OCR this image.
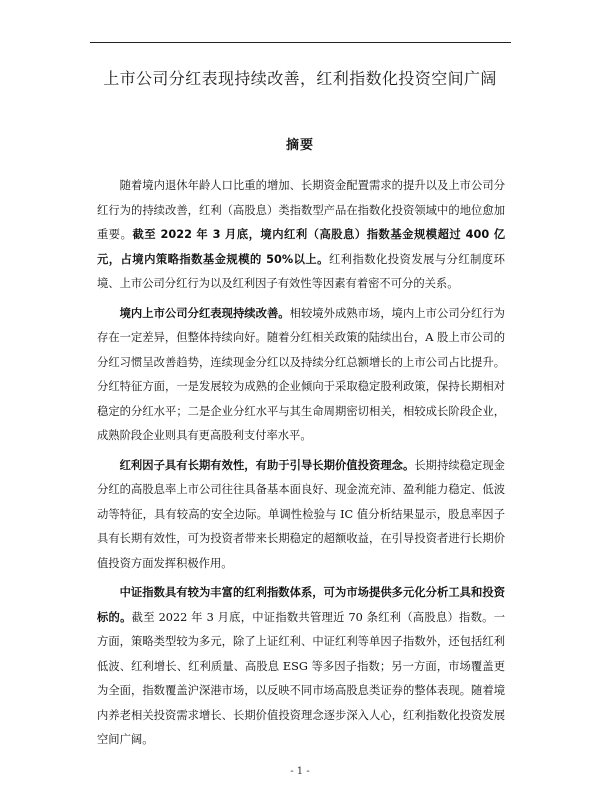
上市公司分红表现持续改善，红利指数化投资空间广阔
摘要

随着境内退休年龄人口比重的增加、长期资金配置需求的提升以及上市公司分红行为的持续改善，红利（高股息）类指数型产品在指数化投资领域中的地位愈加重要。截至 2022 年 3 月底，境内红利（高股息）指数基金规模超过 400 亿元，占境内策略指数基金规模的 50%以上。红利指数化投资发展与分红制度环境、上市公司分红行为以及红利因子有效性等因素有着密不可分的关系。

境内上市公司分红表现持续改善。相较境外成熟市场，境内上市公司分红行为存在一定差异，但整体持续向好。随着分红相关政策的陆续出台，A 股上市公司的分红习惯呈改善趋势，连续现金分红以及持续分红总额增长的上市公司占比提升。分红特征方面，一是发展较为成熟的企业倾向于采取稳定股利政策，保持长期相对稳定的分红水平；二是企业分红水平与其生命周期密切相关，相较成长阶段企业，成熟阶段企业则具有更高股利支付率水平。

红利因子具有长期有效性，有助于引导长期价值投资理念。长期持续稳定现金分红的高股息率上市公司往往具备基本面良好、现金流充沛、盈利能力稳定、低波动等特征，具有较高的安全边际。单调性检验与 IC 值分析结果显示，股息率因子具有长期有效性，可为投资者带来长期稳定的超额收益，在引导投资者进行长期价值投资方面发挥积极作用。

中证指数具有较为丰富的红利指数体系，可为市场提供多元化分析工具和投资标的。截至 2022 年 3 月底，中证指数共管理近 70 条红利（高股息）指数。一方面，策略类型较为多元，除了上证红利、中证红利等单因子指数外，还包括红利低波、红利增长、红利质量、高股息 ESG 等多因子指数；另一方面，市场覆盖更为全面，指数覆盖沪深港市场，以反映不同市场高股息类证券的整体表现。随着境内养老相关投资需求增长、长期价值投资理念逐步深入人心，红利指数化投资发展空间广阔。

- 1 -
